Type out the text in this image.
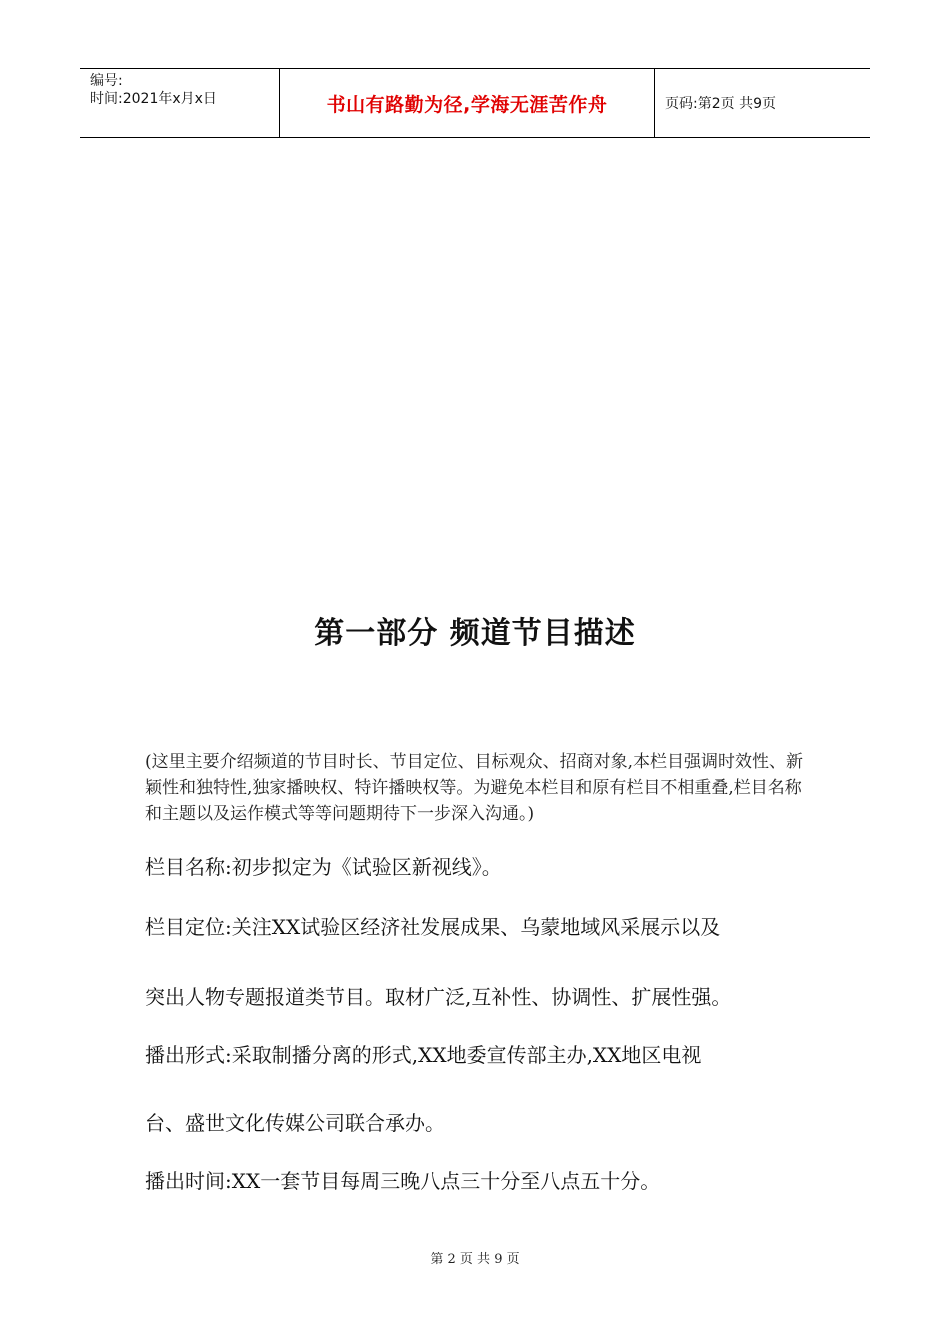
编号:
时间:2021年x月x日	书山有路勤为径,学海无涯苦作舟	页码:第2页 共9页
第一部分 频道节目描述
(这里主要介绍频道的节目时长、节目定位、目标观众、招商对象,本栏目强调时效性、新颖性和独特性,独家播映权、特许播映权等。为避免本栏目和原有栏目不相重叠,栏目名称和主题以及运作模式等等问题期待下一步深入沟通。)
栏目名称:初步拟定为《试验区新视线》。
栏目定位:关注XX试验区经济社发展成果、乌蒙地域风采展示以及
突出人物专题报道类节目。取材广泛,互补性、协调性、扩展性强。
播出形式:采取制播分离的形式,XX地委宣传部主办,XX地区电视
台、盛世文化传媒公司联合承办。
播出时间:XX一套节目每周三晚八点三十分至八点五十分。
第 2 页 共 9 页
